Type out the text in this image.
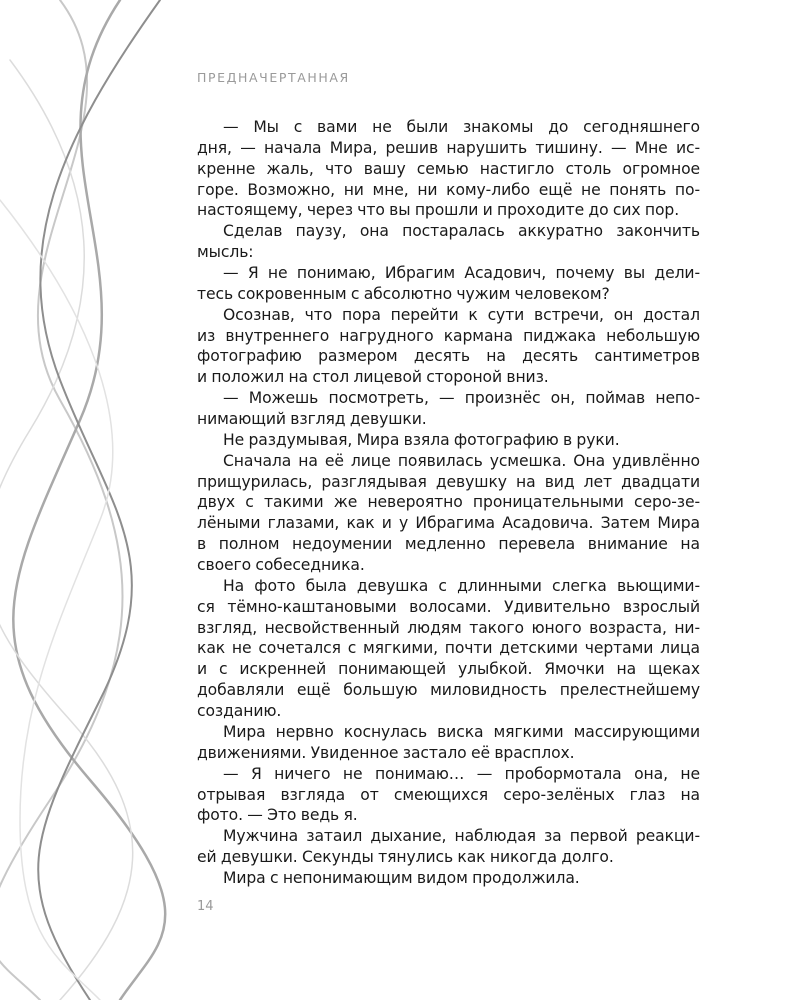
ПРЕДНАЧЕРТАННАЯ
— Мы с вами не были знакомы до сегодняшнего
дня, — начала Мира, решив нарушить тишину. — Мне ис-
кренне жаль, что вашу семью настигло столь огромное
горе. Возможно, ни мне, ни кому-либо ещё не понять по-
настоящему, через что вы прошли и проходите до сих пор.
Сделав паузу, она постаралась аккуратно закончить
мысль:
— Я не понимаю, Ибрагим Асадович, почему вы дели-
тесь сокровенным с абсолютно чужим человеком?
Осознав, что пора перейти к сути встречи, он достал
из внутреннего нагрудного кармана пиджака небольшую
фотографию размером десять на десять сантиметров
и положил на стол лицевой стороной вниз.
— Можешь посмотреть, — произнёс он, поймав непо-
нимающий взгляд девушки.
Не раздумывая, Мира взяла фотографию в руки.
Сначала на её лице появилась усмешка. Она удивлённо
прищурилась, разглядывая девушку на вид лет двадцати
двух с такими же невероятно проницательными серо-зе-
лёными глазами, как и у Ибрагима Асадовича. Затем Мира
в полном недоумении медленно перевела внимание на
своего собеседника.
На фото была девушка с длинными слегка вьющими-
ся тёмно-каштановыми волосами. Удивительно взрослый
взгляд, несвойственный людям такого юного возраста, ни-
как не сочетался с мягкими, почти детскими чертами лица
и с искренней понимающей улыбкой. Ямочки на щеках
добавляли ещё большую миловидность прелестнейшему
созданию.
Мира нервно коснулась виска мягкими массирующими
движениями. Увиденное застало её врасплох.
— Я ничего не понимаю… — пробормотала она, не
отрывая взгляда от смеющихся серо-зелёных глаз на
фото. — Это ведь я.
Мужчина затаил дыхание, наблюдая за первой реакци-
ей девушки. Секунды тянулись как никогда долго.
Мира с непонимающим видом продолжила.
14
